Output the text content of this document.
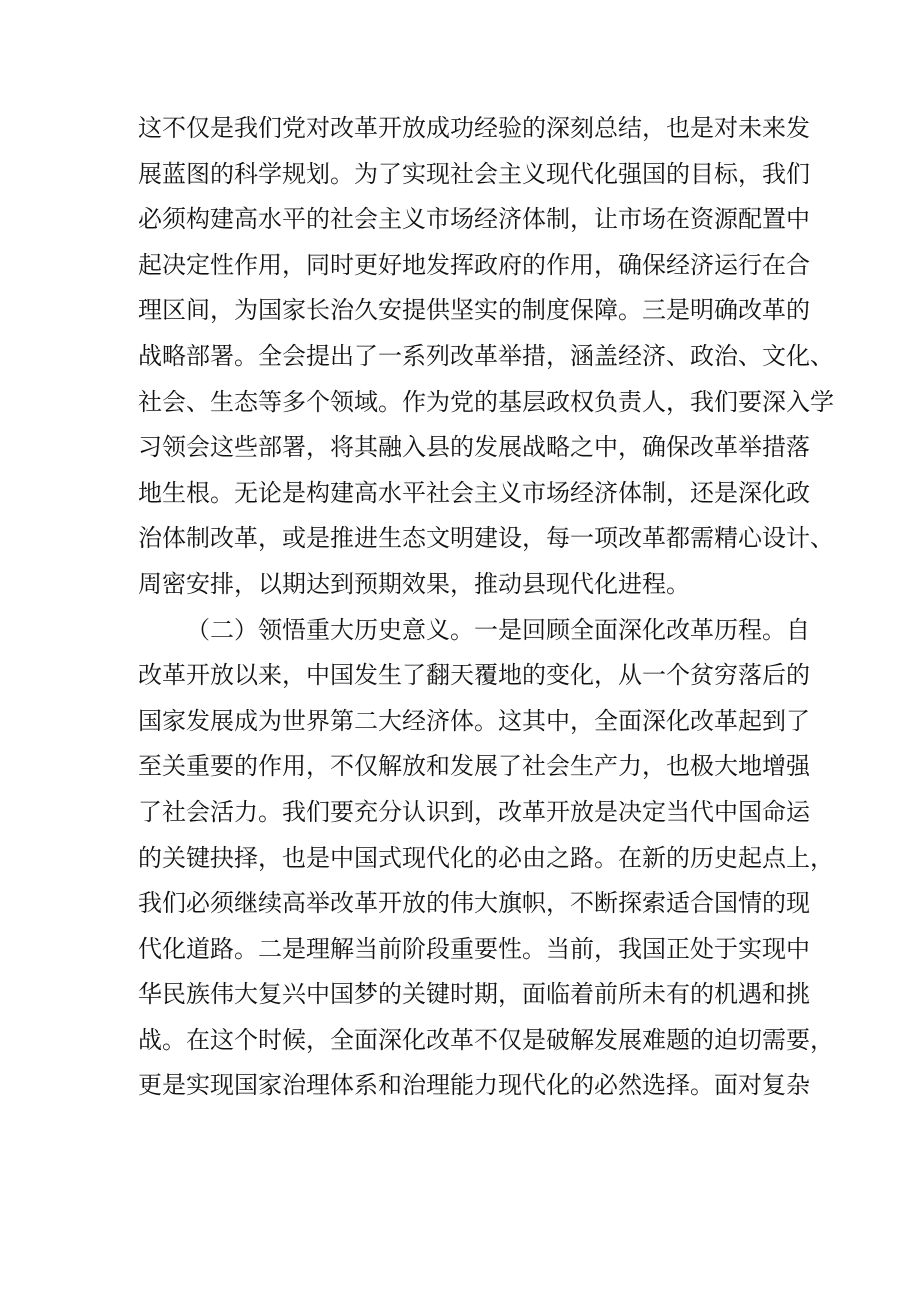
这不仅是我们党对改革开放成功经验的深刻总结，也是对未来发
展蓝图的科学规划。为了实现社会主义现代化强国的目标，我们
必须构建高水平的社会主义市场经济体制，让市场在资源配置中
起决定性作用，同时更好地发挥政府的作用，确保经济运行在合
理区间，为国家长治久安提供坚实的制度保障。三是明确改革的
战略部署。全会提出了一系列改革举措，涵盖经济、政治、文化、
社会、生态等多个领域。作为党的基层政权负责人，我们要深入学
习领会这些部署，将其融入县的发展战略之中，确保改革举措落
地生根。无论是构建高水平社会主义市场经济体制，还是深化政
治体制改革，或是推进生态文明建设，每一项改革都需精心设计、
周密安排，以期达到预期效果，推动县现代化进程。
（二）领悟重大历史意义。一是回顾全面深化改革历程。自
改革开放以来，中国发生了翻天覆地的变化，从一个贫穷落后的
国家发展成为世界第二大经济体。这其中，全面深化改革起到了
至关重要的作用，不仅解放和发展了社会生产力，也极大地增强
了社会活力。我们要充分认识到，改革开放是决定当代中国命运
的关键抉择，也是中国式现代化的必由之路。在新的历史起点上，
我们必须继续高举改革开放的伟大旗帜，不断探索适合国情的现
代化道路。二是理解当前阶段重要性。当前，我国正处于实现中
华民族伟大复兴中国梦的关键时期，面临着前所未有的机遇和挑
战。在这个时候，全面深化改革不仅是破解发展难题的迫切需要，
更是实现国家治理体系和治理能力现代化的必然选择。面对复杂
